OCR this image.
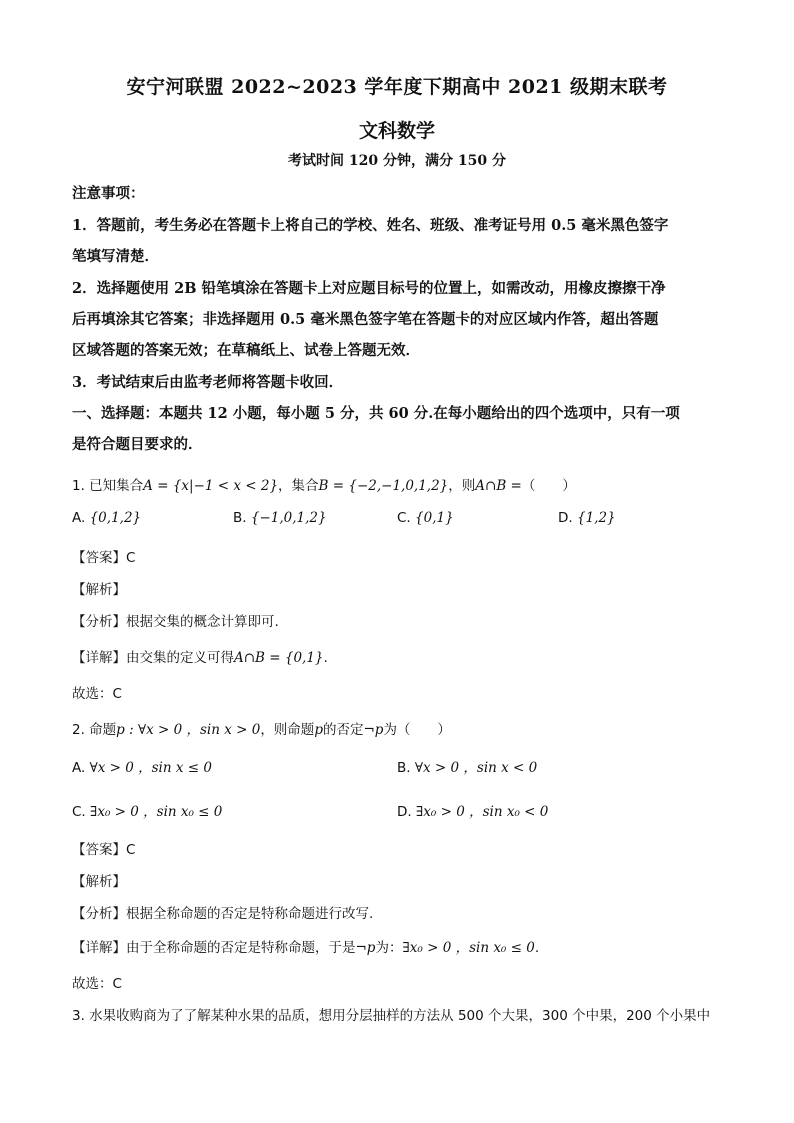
安宁河联盟 2022~2023 学年度下期高中 2021 级期末联考
文科数学
考试时间 120 分钟，满分 150 分
注意事项：
1．答题前，考生务必在答题卡上将自己的学校、姓名、班级、准考证号用 0.5 毫米黑色签字
笔填写清楚．
2．选择题使用 2B 铅笔填涂在答题卡上对应题目标号的位置上，如需改动，用橡皮擦擦干净
后再填涂其它答案；非选择题用 0.5 毫米黑色签字笔在答题卡的对应区域内作答，超出答题
区域答题的答案无效；在草稿纸上、试卷上答题无效．
3．考试结束后由监考老师将答题卡收回．
一、选择题：本题共 12 小题，每小题 5 分，共 60 分.在每小题给出的四个选项中，只有一项
是符合题目要求的．
1. 已知集合A = {x|−1 < x < 2}，集合B = {−2,−1,0,1,2}，则A∩B =（　　）
A. {0,1,2}	B. {−1,0,1,2}	C. {0,1}	D. {1,2}
【答案】C
【解析】
【分析】根据交集的概念计算即可.
【详解】由交集的定义可得A∩B = {0,1}.
故选：C
2. 命题p : ∀x > 0 ，sin x > 0，则命题p的否定¬p为（　　）
A. ∀x > 0 ，sin x ≤ 0	B. ∀x > 0 ，sin x < 0
C. ∃x₀ > 0 ，sin x₀ ≤ 0	D. ∃x₀ > 0 ，sin x₀ < 0
【答案】C
【解析】
【分析】根据全称命题的否定是特称命题进行改写.
【详解】由于全称命题的否定是特称命题，于是¬p为：∃x₀ > 0 ，sin x₀ ≤ 0.
故选：C
3. 水果收购商为了了解某种水果的品质，想用分层抽样的方法从 500 个大果，300 个中果，200 个小果中
